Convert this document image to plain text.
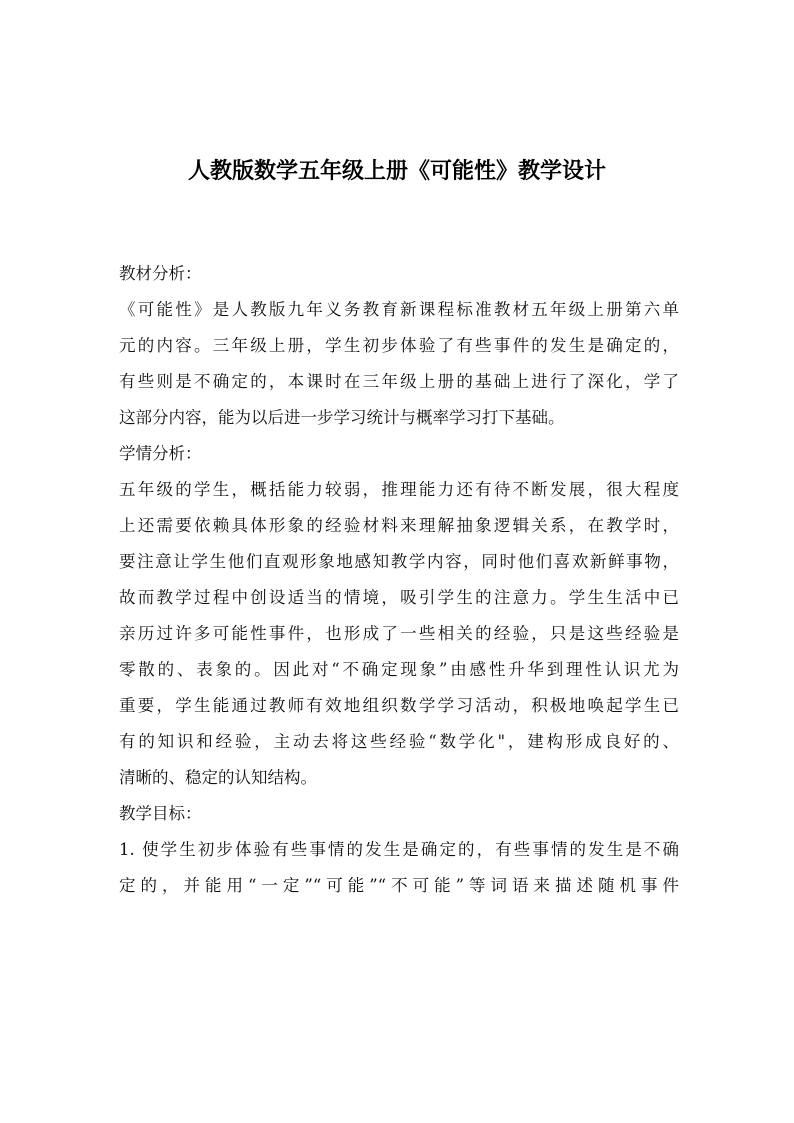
人教版数学五年级上册《可能性》教学设计
教材分析：
《可能性》是人教版九年义务教育新课程标准教材五年级上册第六单
元的内容。三年级上册，学生初步体验了有些事件的发生是确定的，
有些则是不确定的，本课时在三年级上册的基础上进行了深化，学了
这部分内容，能为以后进一步学习统计与概率学习打下基础。
学情分析：
五年级的学生，概括能力较弱，推理能力还有待不断发展，很大程度
上还需要依赖具体形象的经验材料来理解抽象逻辑关系，在教学时，
要注意让学生他们直观形象地感知教学内容，同时他们喜欢新鲜事物，
故而教学过程中创设适当的情境，吸引学生的注意力。学生生活中已
亲历过许多可能性事件，也形成了一些相关的经验，只是这些经验是
零散的、表象的。因此对“不确定现象”由感性升华到理性认识尤为
重要，学生能通过教师有效地组织数学学习活动，积极地唤起学生已
有的知识和经验，主动去将这些经验“数学化"，建构形成良好的、
清晰的、稳定的认知结构。
教学目标：
1. 使学生初步体验有些事情的发生是确定的，有些事情的发生是不确
定的，并能用“一定”“可能”“不可能”等词语来描述随机事件
